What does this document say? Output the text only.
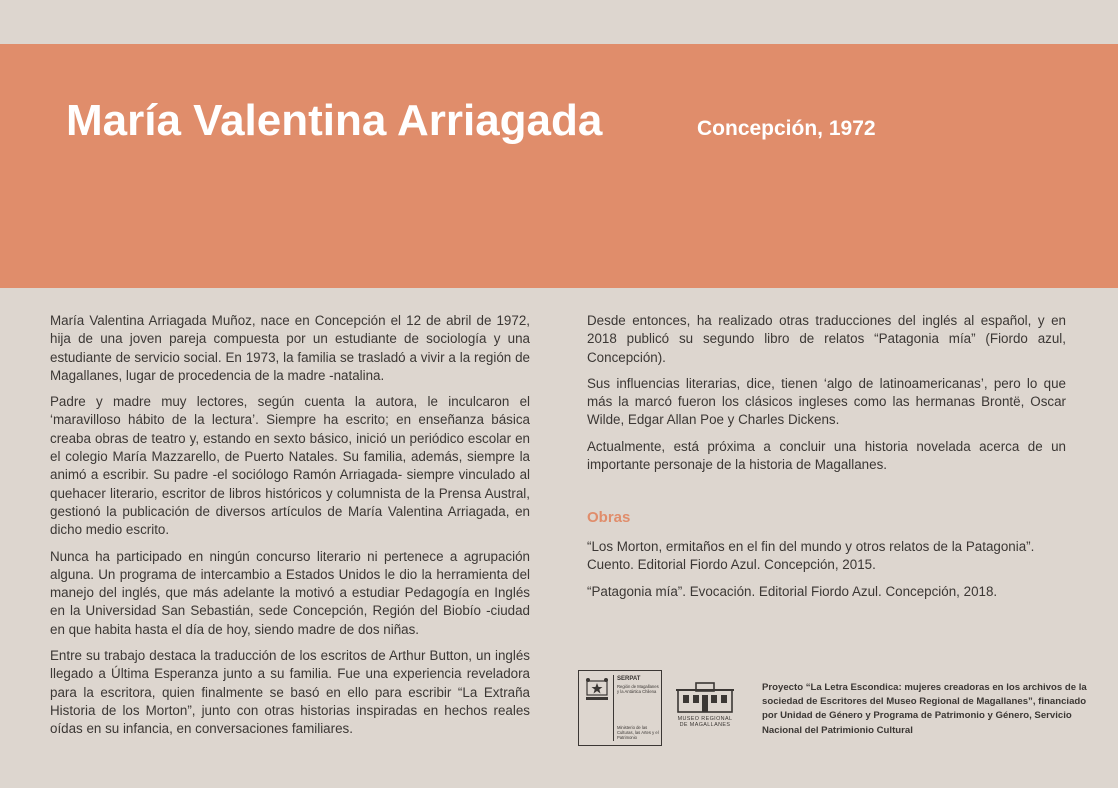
María Valentina Arriagada	Concepción, 1972

María Valentina Arriagada Muñoz, nace en Concepción el 12 de abril de 1972, hija de una joven pareja compuesta por un estudiante de sociología y una estudiante de servicio social. En 1973, la familia se trasladó a vivir a la región de Magallanes, lugar de procedencia de la madre -natalina.

Padre y madre muy lectores, según cuenta la autora, le inculcaron el ‘maravilloso hábito de la lectura’. Siempre ha escrito; en enseñanza básica creaba obras de teatro y, estando en sexto básico, inició un periódico escolar en el colegio María Mazzarello, de Puerto Natales. Su familia, además, siempre la animó a escribir. Su padre -el sociólogo Ramón Arriagada- siempre vinculado al quehacer literario, escritor de libros históricos y columnista de la Prensa Austral, gestionó la publicación de diversos artículos de María Valentina Arriagada, en dicho medio escrito.

Nunca ha participado en ningún concurso literario ni pertenece a agrupación alguna. Un programa de intercambio a Estados Unidos le dio la herramienta del manejo del inglés, que más adelante la motivó a estudiar Pedagogía en Inglés en la Universidad San Sebastián, sede Concepción, Región del Biobío -ciudad en que habita hasta el día de hoy, siendo madre de dos niñas.

Entre su trabajo destaca la traducción de los escritos de Arthur Button, un inglés llegado a Última Esperanza junto a su familia. Fue una experiencia reveladora para la escritora, quien finalmente se basó en ello para escribir “La Extraña Historia de los Morton”, junto con otras historias inspiradas en hechos reales oídas en su infancia, en conversaciones familiares.

Desde entonces, ha realizado otras traducciones del inglés al español, y en 2018 publicó su segundo libro de relatos “Patagonia mía” (Fiordo azul, Concepción).

Sus influencias literarias, dice, tienen ‘algo de latinoamericanas’, pero lo que más la marcó fueron los clásicos ingleses como las hermanas Brontë, Oscar Wilde, Edgar Allan Poe y Charles Dickens.

Actualmente, está próxima a concluir una historia novelada acerca de un importante personaje de la historia de Magallanes.

Obras

“Los Morton, ermitaños en el fin del mundo y otros relatos de la Patagonia”. Cuento. Editorial Fiordo Azul. Concepción, 2015.

“Patagonia mía”. Evocación. Editorial Fiordo Azul. Concepción, 2018.

SERPAT
Región de Magallanes y la Antártica Chilena
Ministerio de las Culturas, las Artes y el Patrimonio
MUSEO REGIONAL
DE MAGALLANES
Proyecto “La Letra Escondica: mujeres creadoras en los archivos de la sociedad de Escritores del Museo Regional de Magallanes”, financiado por Unidad de Género y Programa de Patrimonio y Género, Servicio Nacional del Patrimionio Cultural
